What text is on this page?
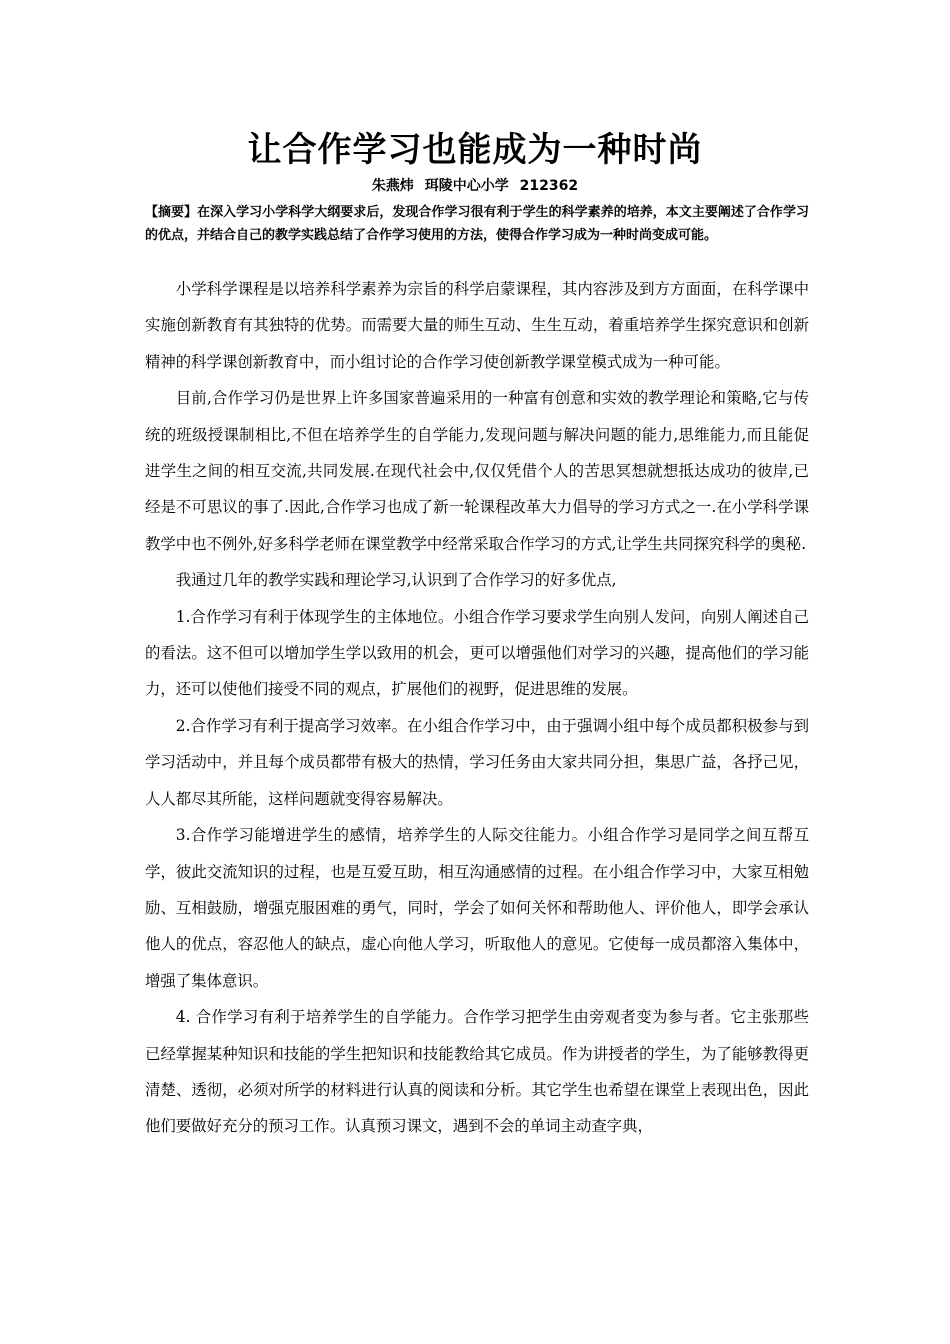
让合作学习也能成为一种时尚
朱燕炜 珥陵中心小学 212362
【摘要】在深入学习小学科学大纲要求后，发现合作学习很有利于学生的科学素养的培养，本文主要阐述了合作学习的优点，并结合自己的教学实践总结了合作学习使用的方法，使得合作学习成为一种时尚变成可能。

小学科学课程是以培养科学素养为宗旨的科学启蒙课程，其内容涉及到方方面面，在科学课中实施创新教育有其独特的优势。而需要大量的师生互动、生生互动，着重培养学生探究意识和创新精神的科学课创新教育中，而小组讨论的合作学习使创新教学课堂模式成为一种可能。

目前,合作学习仍是世界上许多国家普遍采用的一种富有创意和实效的教学理论和策略,它与传统的班级授课制相比,不但在培养学生的自学能力,发现问题与解决问题的能力,思维能力,而且能促进学生之间的相互交流,共同发展.在现代社会中,仅仅凭借个人的苦思冥想就想抵达成功的彼岸,已经是不可思议的事了.因此,合作学习也成了新一轮课程改革大力倡导的学习方式之一.在小学科学课教学中也不例外,好多科学老师在课堂教学中经常采取合作学习的方式,让学生共同探究科学的奥秘.

我通过几年的教学实践和理论学习,认识到了合作学习的好多优点,

1.合作学习有利于体现学生的主体地位。小组合作学习要求学生向别人发问，向别人阐述自己的看法。这不但可以增加学生学以致用的机会，更可以增强他们对学习的兴趣，提高他们的学习能力，还可以使他们接受不同的观点，扩展他们的视野，促进思维的发展。

2.合作学习有利于提高学习效率。在小组合作学习中，由于强调小组中每个成员都积极参与到学习活动中，并且每个成员都带有极大的热情，学习任务由大家共同分担，集思广益，各抒己见，人人都尽其所能，这样问题就变得容易解决。

3.合作学习能增进学生的感情，培养学生的人际交往能力。小组合作学习是同学之间互帮互学，彼此交流知识的过程，也是互爱互助，相互沟通感情的过程。在小组合作学习中，大家互相勉励、互相鼓励，增强克服困难的勇气，同时，学会了如何关怀和帮助他人、评价他人，即学会承认他人的优点，容忍他人的缺点，虚心向他人学习，听取他人的意见。它使每一成员都溶入集体中，增强了集体意识。

4. 合作学习有利于培养学生的自学能力。合作学习把学生由旁观者变为参与者。它主张那些已经掌握某种知识和技能的学生把知识和技能教给其它成员。作为讲授者的学生，为了能够教得更清楚、透彻，必须对所学的材料进行认真的阅读和分析。其它学生也希望在课堂上表现出色，因此他们要做好充分的预习工作。认真预习课文，遇到不会的单词主动查字典，
